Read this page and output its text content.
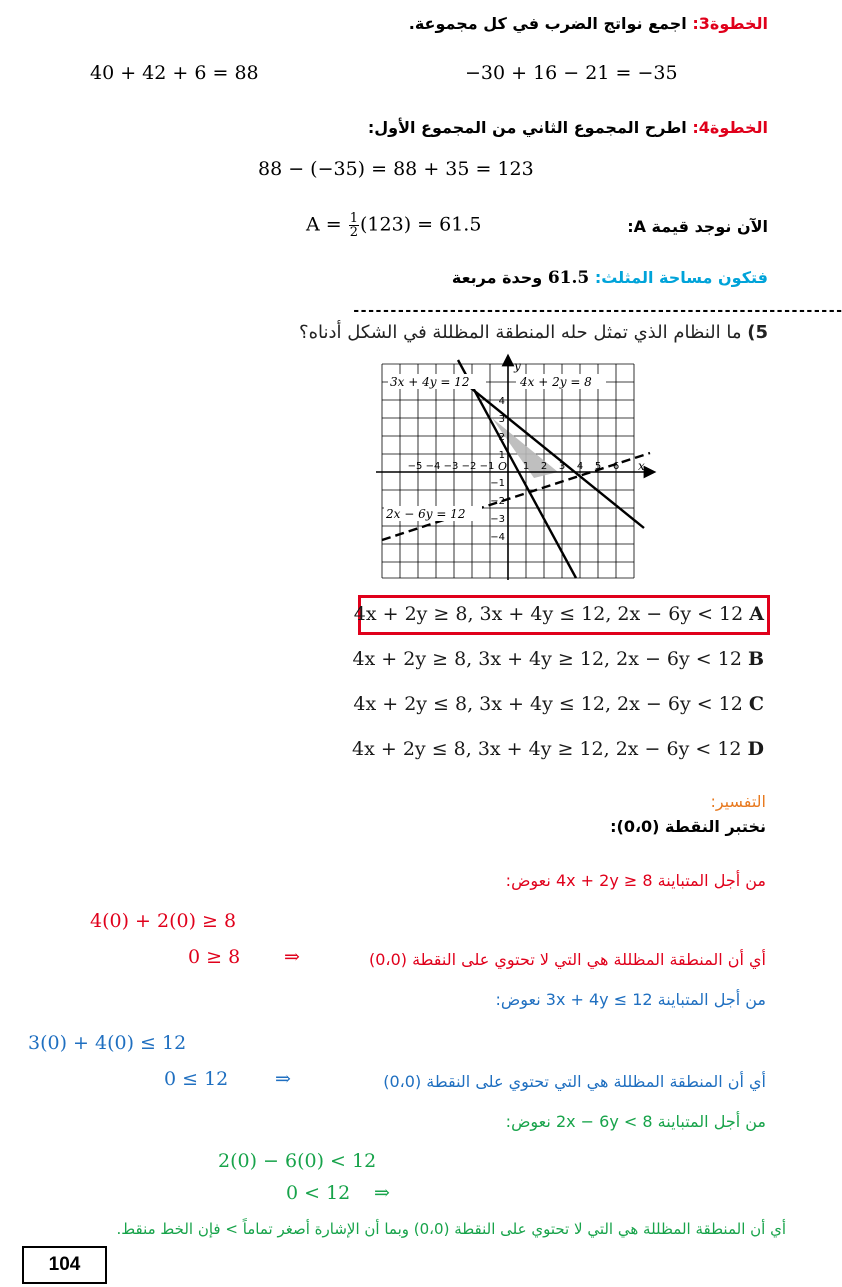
الخطوة3: اجمع نواتج الضرب في كل مجموعة.
40 + 42 + 6 = 88	−30 + 16 − 21 = −35
الخطوة4: اطرح المجموع الثاني من المجموع الأول:
88 − (−35) = 88 + 35 = 123
$A = \frac{1}{2} (123) = 61.5$	الآن نوجد قيمة A:
فتكون مساحة المثلث: 61.5 وحدة مربعة
------------------------------------------------------------------
5) ما النظام الذي تمثل حله المنطقة المظللة في الشكل أدناه؟
3x + 4y = 12	4x + 2y = 8
2x − 6y = 12
y
x
O
−5 −4 −3 −2 −1	1 2 3 4 5 6
4
3
2
1
−1
−2
−3
−4
4x + 2y ≥ 8, 3x + 4y ≤ 12, 2x − 6y < 12 A
4x + 2y ≥ 8, 3x + 4y ≥ 12, 2x − 6y < 12 B
4x + 2y ≤ 8, 3x + 4y ≤ 12, 2x − 6y < 12 C
4x + 2y ≤ 8, 3x + 4y ≥ 12, 2x − 6y < 12 D
التفسير:
نختبر النقطة (0،0):
من أجل المتباينة 4x + 2y ≥ 8 نعوض:
4(0) + 2(0) ≥ 8
0 ≥ 8 ⇒	أي أن المنطقة المظللة هي التي لا تحتوي على النقطة (0،0)
من أجل المتباينة 3x + 4y ≤ 12 نعوض:
3(0) + 4(0) ≤ 12
0 ≤ 12 ⇒	أي أن المنطقة المظللة هي التي تحتوي على النقطة (0،0)
من أجل المتباينة 2x − 6y < 8 نعوض:
2(0) − 6(0) < 12
0 < 12 ⇒
أي أن المنطقة المظللة هي التي لا تحتوي على النقطة (0،0) وبما أن الإشارة أصغر تماماً > فإن الخط منقط.
104
